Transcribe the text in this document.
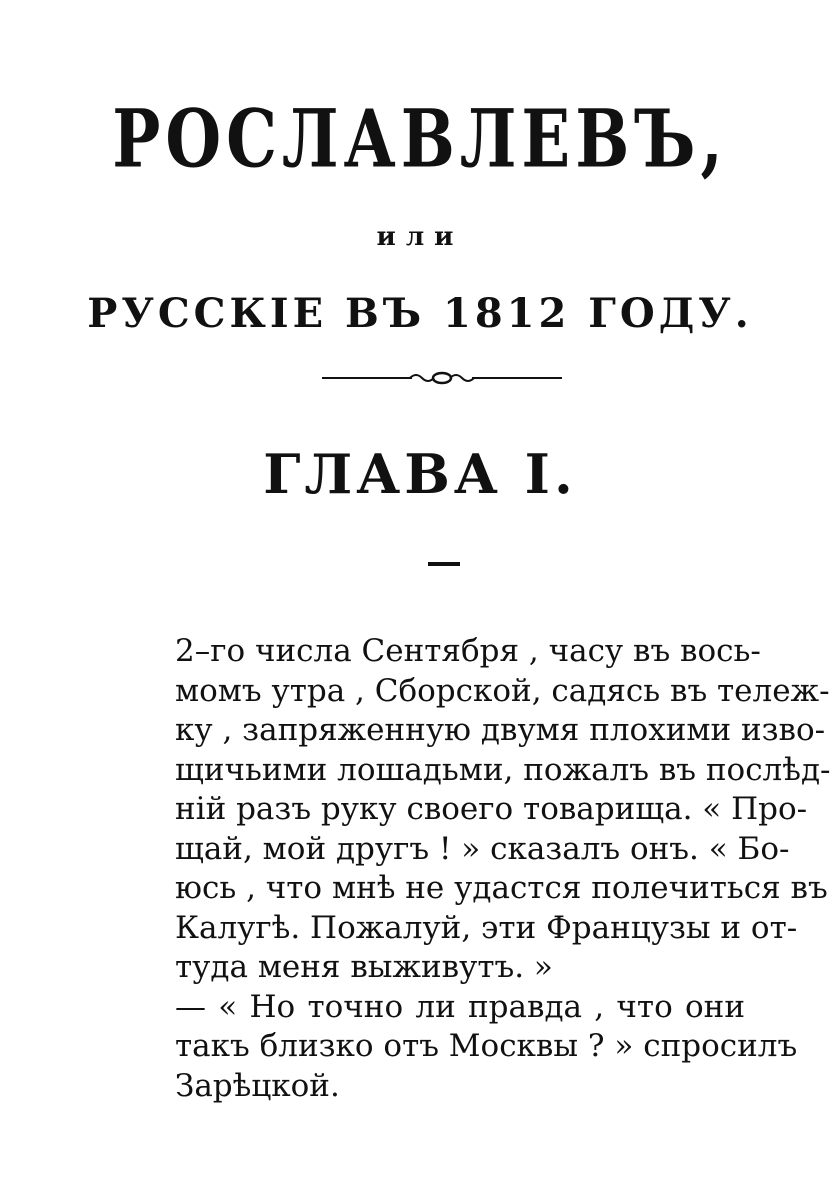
РОСЛАВЛЕВЪ,
или
РУССКІЕ ВЪ 1812 ГОДУ.
ГЛАВА I.
2–го числа Сентября , часу въ вось-
момъ утра , Сборской, садясь въ тележ-
ку , запряженную двумя плохими изво-
щичьими лошадьми, пожалъ въ послѣд-
ній разъ руку своего товарища. « Про-
щай, мой другъ ! » сказалъ онъ. « Бо-
юсь , что мнѣ не удастся полечиться въ
Калугѣ. Пожалуй, эти Французы и от-
туда меня выживутъ. »
— « Но точно ли правда , что они
такъ близко отъ Москвы ? » спросилъ
Зарѣцкой.
